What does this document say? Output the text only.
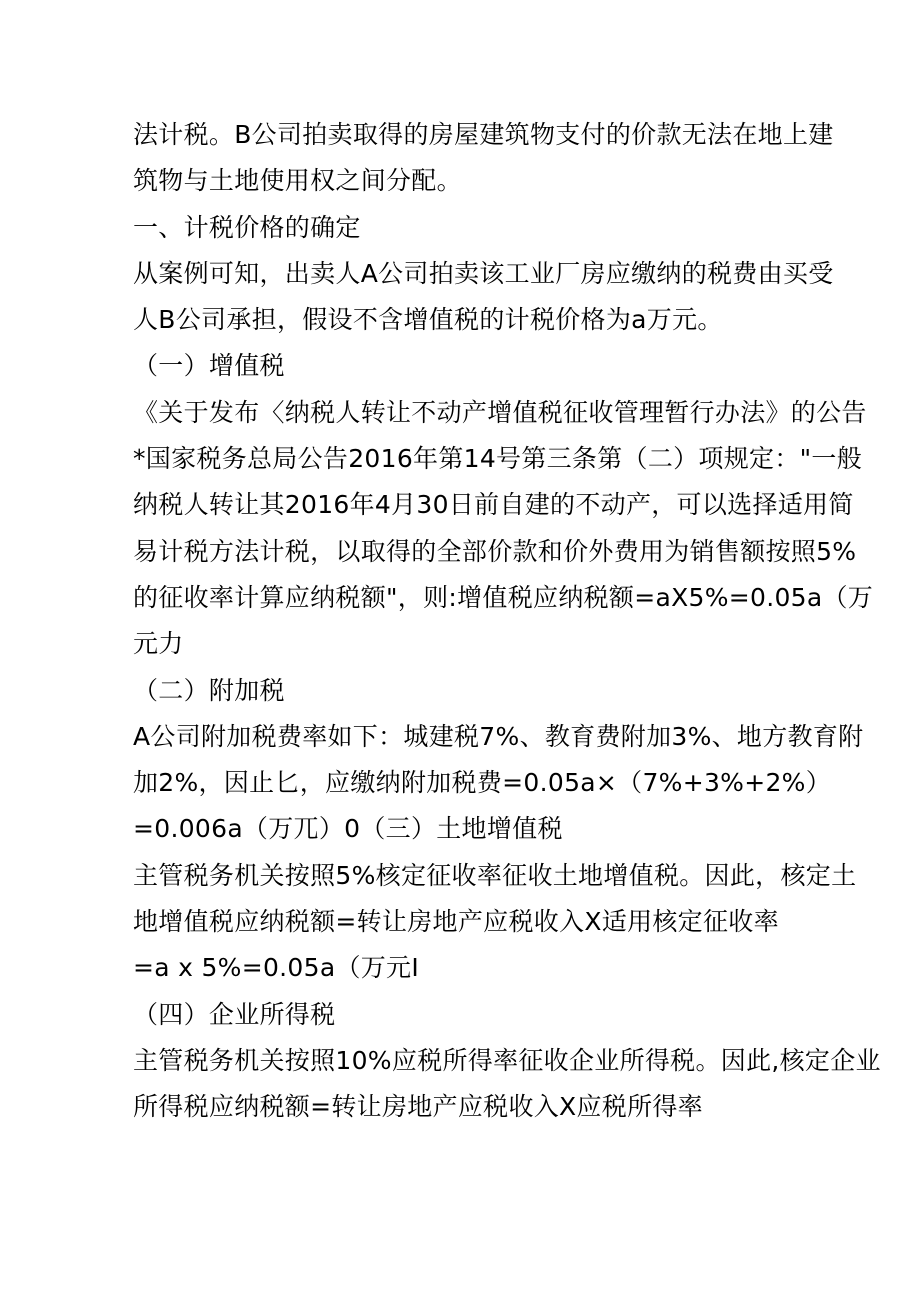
法计税。B公司拍卖取得的房屋建筑物支付的价款无法在地上建
筑物与土地使用权之间分配。
一、计税价格的确定
从案例可知，出卖人A公司拍卖该工业厂房应缴纳的税费由买受
人B公司承担，假设不含增值税的计税价格为a万元。
（一）增值税
《关于发布〈纳税人转让不动产增值税征收管理暂行办法》的公告
*国家税务总局公告2016年第14号第三条第（二）项规定："一般
纳税人转让其2016年4月30日前自建的不动产，可以选择适用简
易计税方法计税，以取得的全部价款和价外费用为销售额按照5%
的征收率计算应纳税额"，则:增值税应纳税额=aX5%=0.05a（万
元力
（二）附加税
A公司附加税费率如下：城建税7%、教育费附加3%、地方教育附
加2%，因止匕，应缴纳附加税费=0.05a×（7%+3%+2%）
=0.006a（万兀）0（三）土地增值税
主管税务机关按照5%核定征收率征收土地增值税。因此，核定土
地增值税应纳税额=转让房地产应税收入X适用核定征收率
=a x 5%=0.05a（万元I
（四）企业所得税
主管税务机关按照10%应税所得率征收企业所得税。因此,核定企业
所得税应纳税额=转让房地产应税收入X应税所得率
